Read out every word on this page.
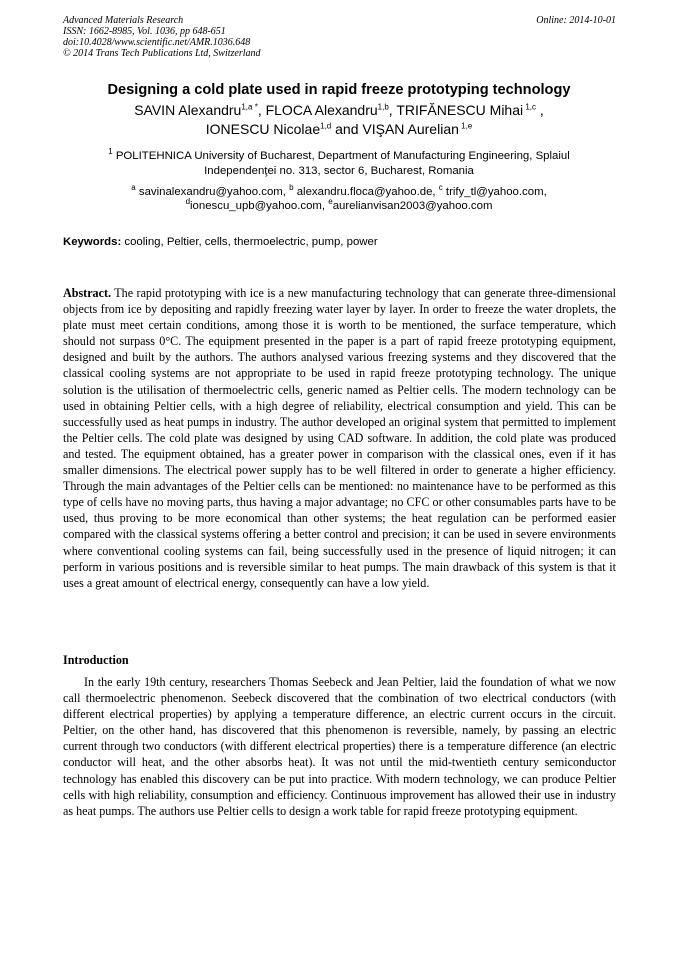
Advanced Materials Research
ISSN: 1662-8985, Vol. 1036, pp 648-651
doi:10.4028/www.scientific.net/AMR.1036.648
© 2014 Trans Tech Publications Ltd, Switzerland
Online: 2014-10-01
Designing a cold plate used in rapid freeze prototyping technology
SAVIN Alexandru$^{1,a *}$, FLOCA Alexandru$^{1,b}$, TRIFĂNESCU Mihai $^{1,c}$ ,
IONESCU Nicolae$^{1,d}$ and VIŞAN Aurelian $^{1,e}$
$^1$ POLITEHNICA University of Bucharest, Department of Manufacturing Engineering, Splaiul
Independenţei no. 313, sector 6, Bucharest, Romania
$^a$ savinalexandru@yahoo.com, $^b$ alexandru.floca@yahoo.de, $^c$ trify_tl@yahoo.com,
$^d$ionescu_upb@yahoo.com, $^e$aurelianvisan2003@yahoo.com
Keywords: cooling, Peltier, cells, thermoelectric, pump, power

Abstract. The rapid prototyping with ice is a new manufacturing technology that can generate three-dimensional objects from ice by depositing and rapidly freezing water layer by layer. In order to freeze the water droplets, the plate must meet certain conditions, among those it is worth to be mentioned, the surface temperature, which should not surpass 0°C. The equipment presented in the paper is a part of rapid freeze prototyping equipment, designed and built by the authors. The authors analysed various freezing systems and they discovered that the classical cooling systems are not appropriate to be used in rapid freeze prototyping technology. The unique solution is the utilisation of thermoelectric cells, generic named as Peltier cells. The modern technology can be used in obtaining Peltier cells, with a high degree of reliability, electrical consumption and yield. This can be successfully used as heat pumps in industry. The author developed an original system that permitted to implement the Peltier cells. The cold plate was designed by using CAD software. In addition, the cold plate was produced and tested. The equipment obtained, has a greater power in comparison with the classical ones, even if it has smaller dimensions. The electrical power supply has to be well filtered in order to generate a higher efficiency. Through the main advantages of the Peltier cells can be mentioned: no maintenance have to be performed as this type of cells have no moving parts, thus having a major advantage; no CFC or other consumables parts have to be used, thus proving to be more economical than other systems; the heat regulation can be performed easier compared with the classical systems offering a better control and precision; it can be used in severe environments where conventional cooling systems can fail, being successfully used in the presence of liquid nitrogen; it can perform in various positions and is reversible similar to heat pumps. The main drawback of this system is that it uses a great amount of electrical energy, consequently can have a low yield.

Introduction

In the early 19th century, researchers Thomas Seebeck and Jean Peltier, laid the foundation of what we now call thermoelectric phenomenon. Seebeck discovered that the combination of two electrical conductors (with different electrical properties) by applying a temperature difference, an electric current occurs in the circuit. Peltier, on the other hand, has discovered that this phenomenon is reversible, namely, by passing an electric current through two conductors (with different electrical properties) there is a temperature difference (an electric conductor will heat, and the other absorbs heat). It was not until the mid-twentieth century semiconductor technology has enabled this discovery can be put into practice. With modern technology, we can produce Peltier cells with high reliability, consumption and efficiency. Continuous improvement has allowed their use in industry as heat pumps. The authors use Peltier cells to design a work table for rapid freeze prototyping equipment.
